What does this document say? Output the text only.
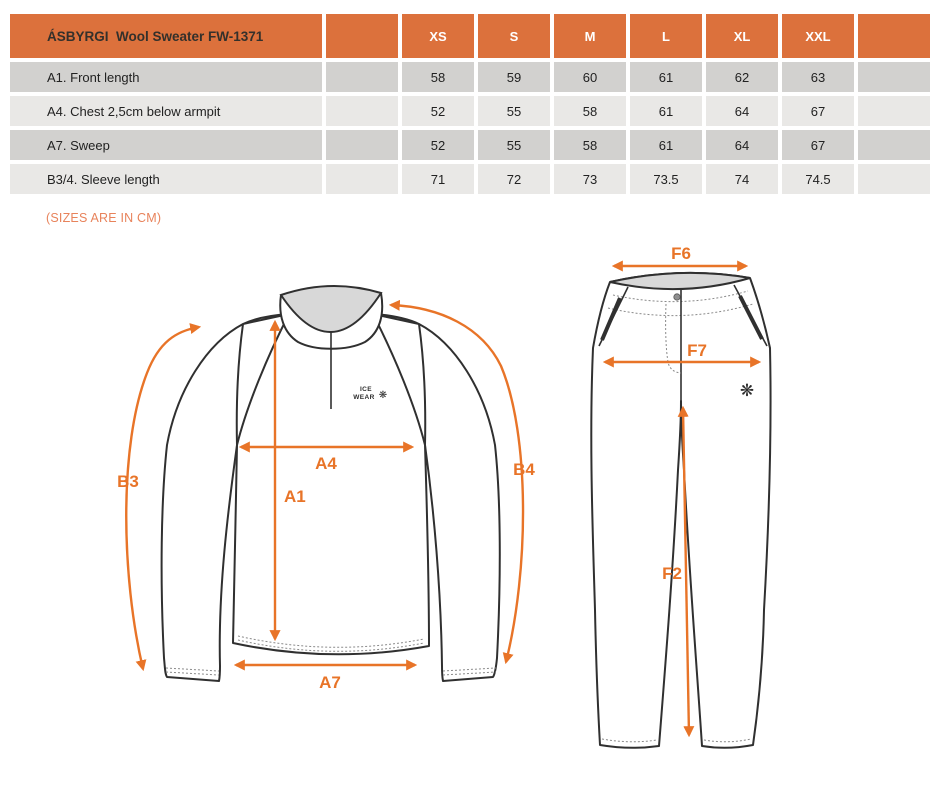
ÁSBYRGI  Wool Sweater FW-1371	XS	S	M	L	XL	XXL
A1. Front length	58	59	60	61	62	63
A4. Chest 2,5cm below armpit	52	55	58	61	64	67
A7. Sweep	52	55	58	61	64	67
B3/4. Sleeve length	71	72	73	73.5	74	74.5
(SIZES ARE IN CM)
ICE
WEAR ❋
A1
A4
A7
B3
B4
❋
F6
F7
F2
